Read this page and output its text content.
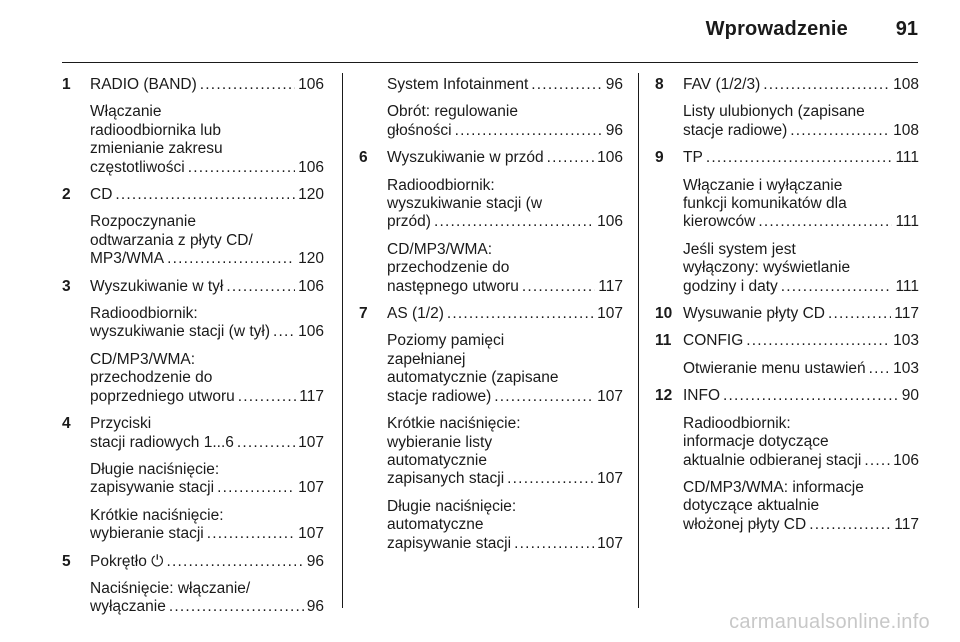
Wprowadzenie 91
1 RADIO (BAND) .....	106
Włączanie
radioodbiornika lub
zmienianie zakresu
częstotliwości .....	106
2 CD .....	120
Rozpoczynanie
odtwarzania z płyty CD/
MP3/WMA .....	120
3 Wyszukiwanie w tył .....	106
Radioodbiornik:
wyszukiwanie stacji (w tył) ..... 106
CD/MP3/WMA:
przechodzenie do
poprzedniego utworu .....	117
4 Przyciski
stacji radiowych 1...6 .....	107
Długie naciśnięcie:
zapisywanie stacji .....	107
Krótkie naciśnięcie:
wybieranie stacji .....	107
5 Pokrętło ⏻ .....	96
Naciśnięcie: włączanie/
wyłączanie .....	96
System Infotainment .....	96
Obrót: regulowanie
głośności .....	96
6 Wyszukiwanie w przód .....	106
Radioodbiornik:
wyszukiwanie stacji (w
przód) .....	106
CD/MP3/WMA:
przechodzenie do
następnego utworu .....	117
7 AS (1/2) .....	107
Poziomy pamięci
zapełnianej
automatycznie (zapisane
stacje radiowe) .....	107
Krótkie naciśnięcie:
wybieranie listy
automatycznie
zapisanych stacji .....	107
Długie naciśnięcie:
automatyczne
zapisywanie stacji .....	107
8 FAV (1/2/3) .....	108
Listy ulubionych (zapisane
stacje radiowe) .....	108
9 TP .....	111
Włączanie i wyłączanie
funkcji komunikatów dla
kierowców .....	111
Jeśli system jest
wyłączony: wyświetlanie
godziny i daty .....	111
10 Wysuwanie płyty CD .....	117
11 CONFIG .....	103
Otwieranie menu ustawień ..... 103
12 INFO .....	90
Radioodbiornik:
informacje dotyczące
aktualnie odbieranej stacji ..... 106
CD/MP3/WMA: informacje
dotyczące aktualnie
włożonej płyty CD .....	117
carmanualsonline.info
